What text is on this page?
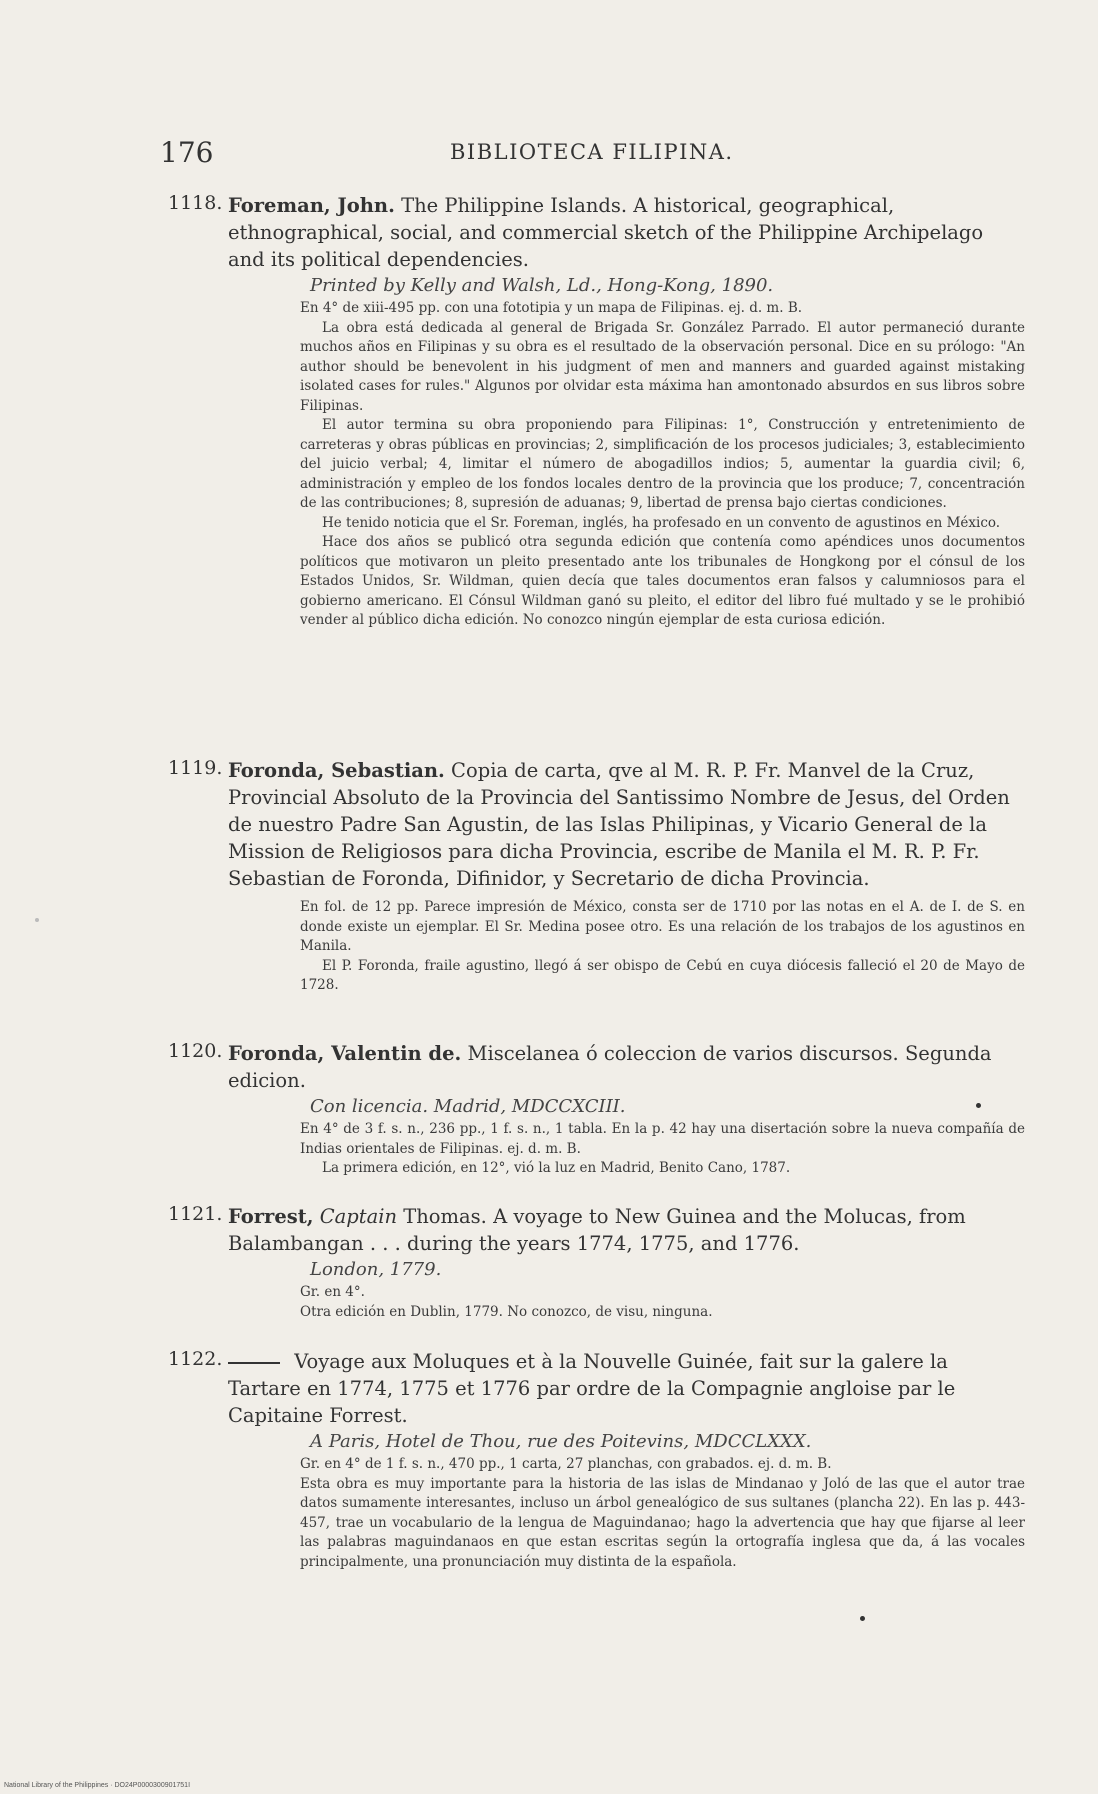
176	BIBLIOTECA FILIPINA.
1118. Foreman, John. The Philippine Islands. A historical, geographical, ethnographical, social, and commercial sketch of the Philippine Archipelago and its political dependencies.
Printed by Kelly and Walsh, Ld., Hong-Kong, 1890.

En 4° de xiii-495 pp. con una fototipia y un mapa de Filipinas. ej. d. m. B.

La obra está dedicada al general de Brigada Sr. González Parrado. El autor permaneció durante muchos años en Filipinas y su obra es el resultado de la observación personal. Dice en su prólogo: "An author should be benevolent in his judgment of men and manners and guarded against mistaking isolated cases for rules." Algunos por olvidar esta máxima han amontonado absurdos en sus libros sobre Filipinas.

El autor termina su obra proponiendo para Filipinas: 1°, Construcción y entretenimiento de carreteras y obras públicas en provincias; 2, simplificación de los procesos judiciales; 3, establecimiento del juicio verbal; 4, limitar el número de abogadillos indios; 5, aumentar la guardia civil; 6, administración y empleo de los fondos locales dentro de la provincia que los produce; 7, concentración de las contribuciones; 8, supresión de aduanas; 9, libertad de prensa bajo ciertas condiciones.

He tenido noticia que el Sr. Foreman, inglés, ha profesado en un convento de agustinos en México.

Hace dos años se publicó otra segunda edición que contenía como apéndices unos documentos políticos que motivaron un pleito presentado ante los tribunales de Hongkong por el cónsul de los Estados Unidos, Sr. Wildman, quien decía que tales documentos eran falsos y calumniosos para el gobierno americano. El Cónsul Wildman ganó su pleito, el editor del libro fué multado y se le prohibió vender al público dicha edición. No conozco ningún ejemplar de esta curiosa edición.

1119. Foronda, Sebastian. Copia de carta, qve al M. R. P. Fr. Manvel de la Cruz, Provincial Absoluto de la Provincia del Santissimo Nombre de Jesus, del Orden de nuestro Padre San Agustin, de las Islas Philipinas, y Vicario General de la Mission de Religiosos para dicha Provincia, escribe de Manila el M. R. P. Fr. Sebastian de Foronda, Difinidor, y Secretario de dicha Provincia.

En fol. de 12 pp. Parece impresión de México, consta ser de 1710 por las notas en el A. de I. de S. en donde existe un ejemplar. El Sr. Medina posee otro. Es una relación de los trabajos de los agustinos en Manila.

El P. Foronda, fraile agustino, llegó á ser obispo de Cebú en cuya diócesis falleció el 20 de Mayo de 1728.

1120. Foronda, Valentin de. Miscelanea ó coleccion de varios discursos. Segunda edicion.
Con licencia. Madrid, MDCCXCIII.

En 4° de 3 f. s. n., 236 pp., 1 f. s. n., 1 tabla. En la p. 42 hay una disertación sobre la nueva compañía de Indias orientales de Filipinas. ej. d. m. B.

La primera edición, en 12°, vió la luz en Madrid, Benito Cano, 1787.

1121. Forrest, Captain Thomas. A voyage to New Guinea and the Molucas, from Balambangan . . . during the years 1774, 1775, and 1776.
London, 1779.

Gr. en 4°.

Otra edición en Dublin, 1779. No conozco, de visu, ninguna.

1122.	Voyage aux Moluques et à la Nouvelle Guinée, fait sur la galere la Tartare en 1774, 1775 et 1776 par ordre de la Compagnie angloise par le Capitaine Forrest.
A Paris, Hotel de Thou, rue des Poitevins, MDCCLXXX.

Gr. en 4° de 1 f. s. n., 470 pp., 1 carta, 27 planchas, con grabados. ej. d. m. B.

Esta obra es muy importante para la historia de las islas de Mindanao y Joló de las que el autor trae datos sumamente interesantes, incluso un árbol genealógico de sus sultanes (plancha 22). En las p. 443-457, trae un vocabulario de la lengua de Maguindanao; hago la advertencia que hay que fijarse al leer las palabras maguindanaos en que estan escritas según la ortografía inglesa que da, á las vocales principalmente, una pronunciación muy distinta de la española.

National Library of the Philippines · DO24P0000300901751I
